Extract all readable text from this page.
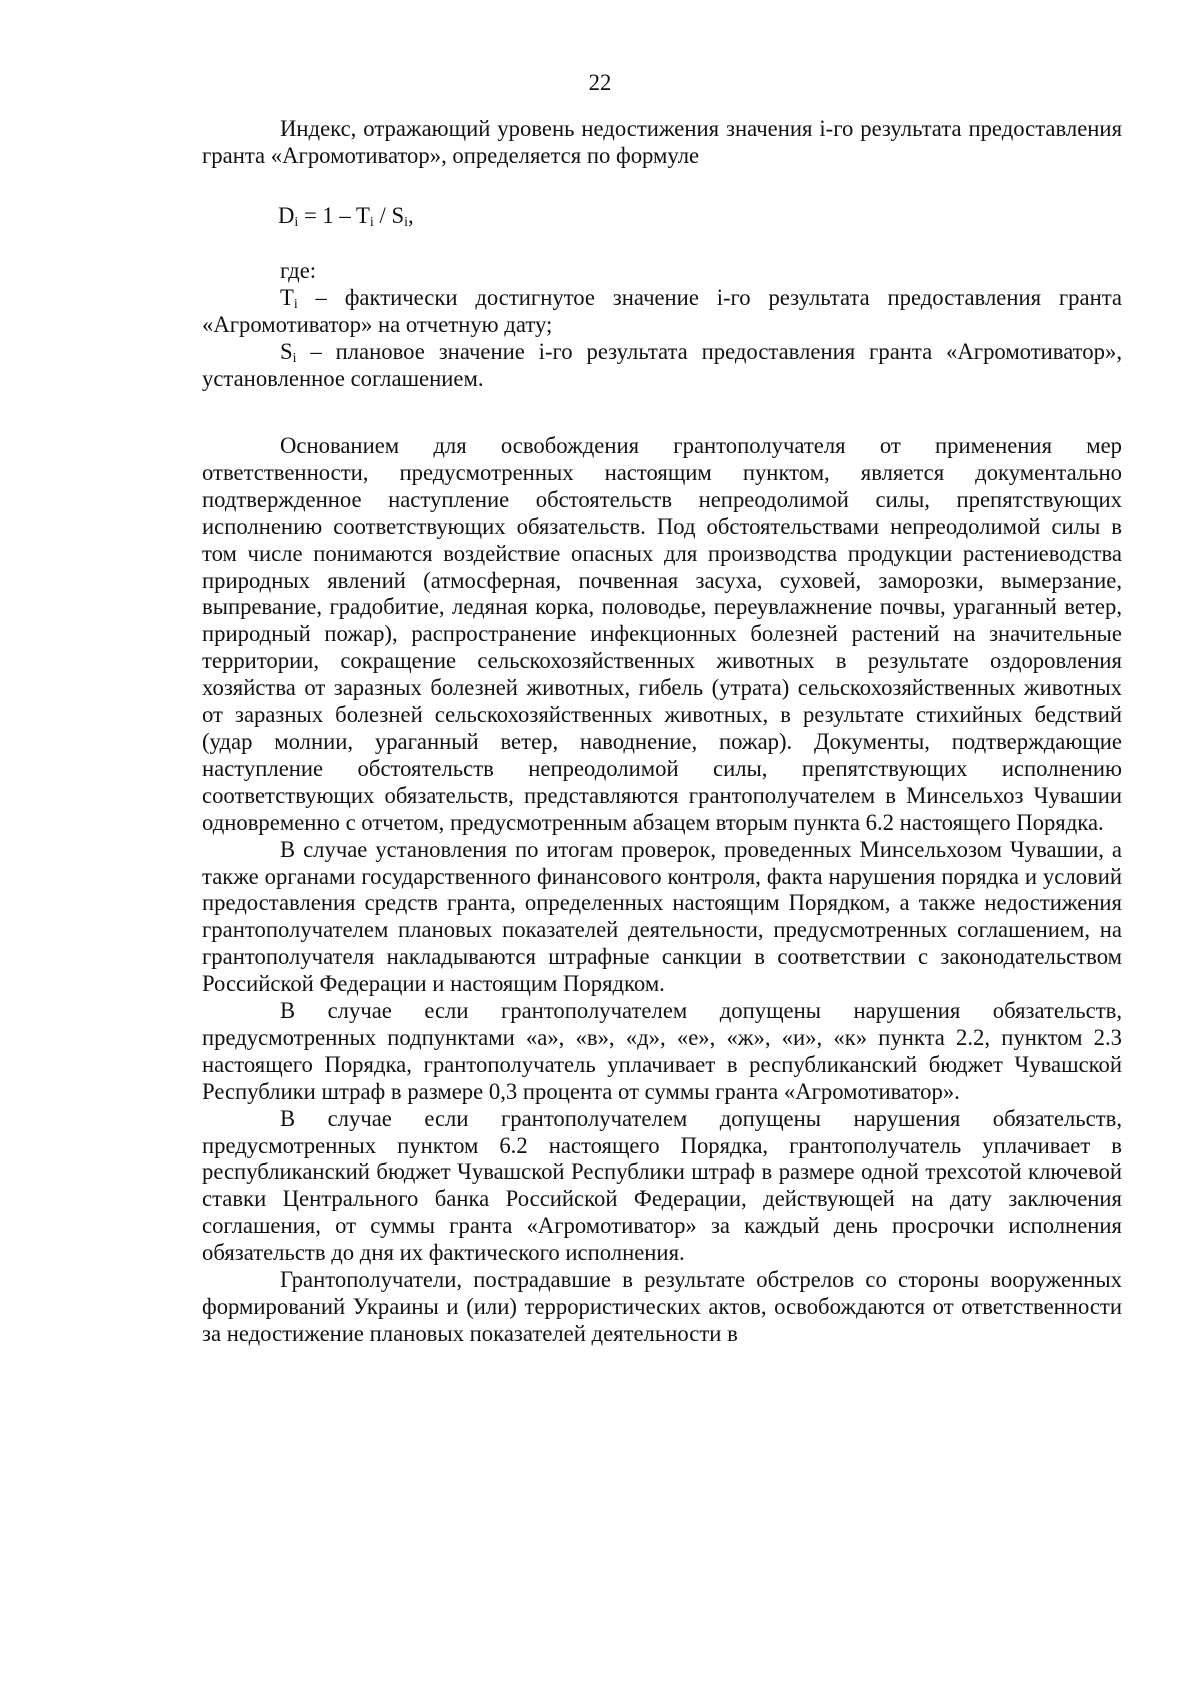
22

Индекс, отражающий уровень недостижения значения i-го результата предоставления гранта «Агромотиватор», определяется по формуле

$D_i = 1 - T_i / S_i$,

где:

$T_i$ – фактически достигнутое значение i-го результата предоставления гранта «Агромотиватор» на отчетную дату;

$S_i$ – плановое значение i-го результата предоставления гранта «Агромотиватор», установленное соглашением.

Основанием для освобождения грантополучателя от применения мер ответственности, предусмотренных настоящим пунктом, является документально подтвержденное наступление обстоятельств непреодолимой силы, препятствующих исполнению соответствующих обязательств. Под обстоятельствами непреодолимой силы в том числе понимаются воздействие опасных для производства продукции растениеводства природных явлений (атмосферная, почвенная засуха, суховей, заморозки, вымерзание, выпревание, градобитие, ледяная корка, половодье, переувлажнение почвы, ураганный ветер, природный пожар), распространение инфекционных болезней растений на значительные территории, сокращение сельскохозяйственных животных в результате оздоровления хозяйства от заразных болезней животных, гибель (утрата) сельскохозяйственных животных от заразных болезней сельскохозяйственных животных, в результате стихийных бедствий (удар молнии, ураганный ветер, наводнение, пожар). Документы, подтверждающие наступление обстоятельств непреодолимой силы, препятствующих исполнению соответствующих обязательств, представляются грантополучателем в Минсельхоз Чувашии одновременно с отчетом, предусмотренным абзацем вторым пункта 6.2 настоящего Порядка.

В случае установления по итогам проверок, проведенных Минсельхозом Чувашии, а также органами государственного финансового контроля, факта нарушения порядка и условий предоставления средств гранта, определенных настоящим Порядком, а также недостижения грантополучателем плановых показателей деятельности, предусмотренных соглашением, на грантополучателя накладываются штрафные санкции в соответствии с законодательством Российской Федерации и настоящим Порядком.

В случае если грантополучателем допущены нарушения обязательств, предусмотренных подпунктами «а», «в», «д», «е», «ж», «и», «к» пункта 2.2, пунктом 2.3 настоящего Порядка, грантополучатель уплачивает в республиканский бюджет Чувашской Республики штраф в размере 0,3 процента от суммы гранта «Агромотиватор».

В случае если грантополучателем допущены нарушения обязательств, предусмотренных пунктом 6.2 настоящего Порядка, грантополучатель уплачивает в республиканский бюджет Чувашской Республики штраф в размере одной трехсотой ключевой ставки Центрального банка Российской Федерации, действующей на дату заключения соглашения, от суммы гранта «Агромотиватор» за каждый день просрочки исполнения обязательств до дня их фактического исполнения.

Грантополучатели, пострадавшие в результате обстрелов со стороны вооруженных формирований Украины и (или) террористических актов, освобождаются от ответственности за недостижение плановых показателей деятельности в
